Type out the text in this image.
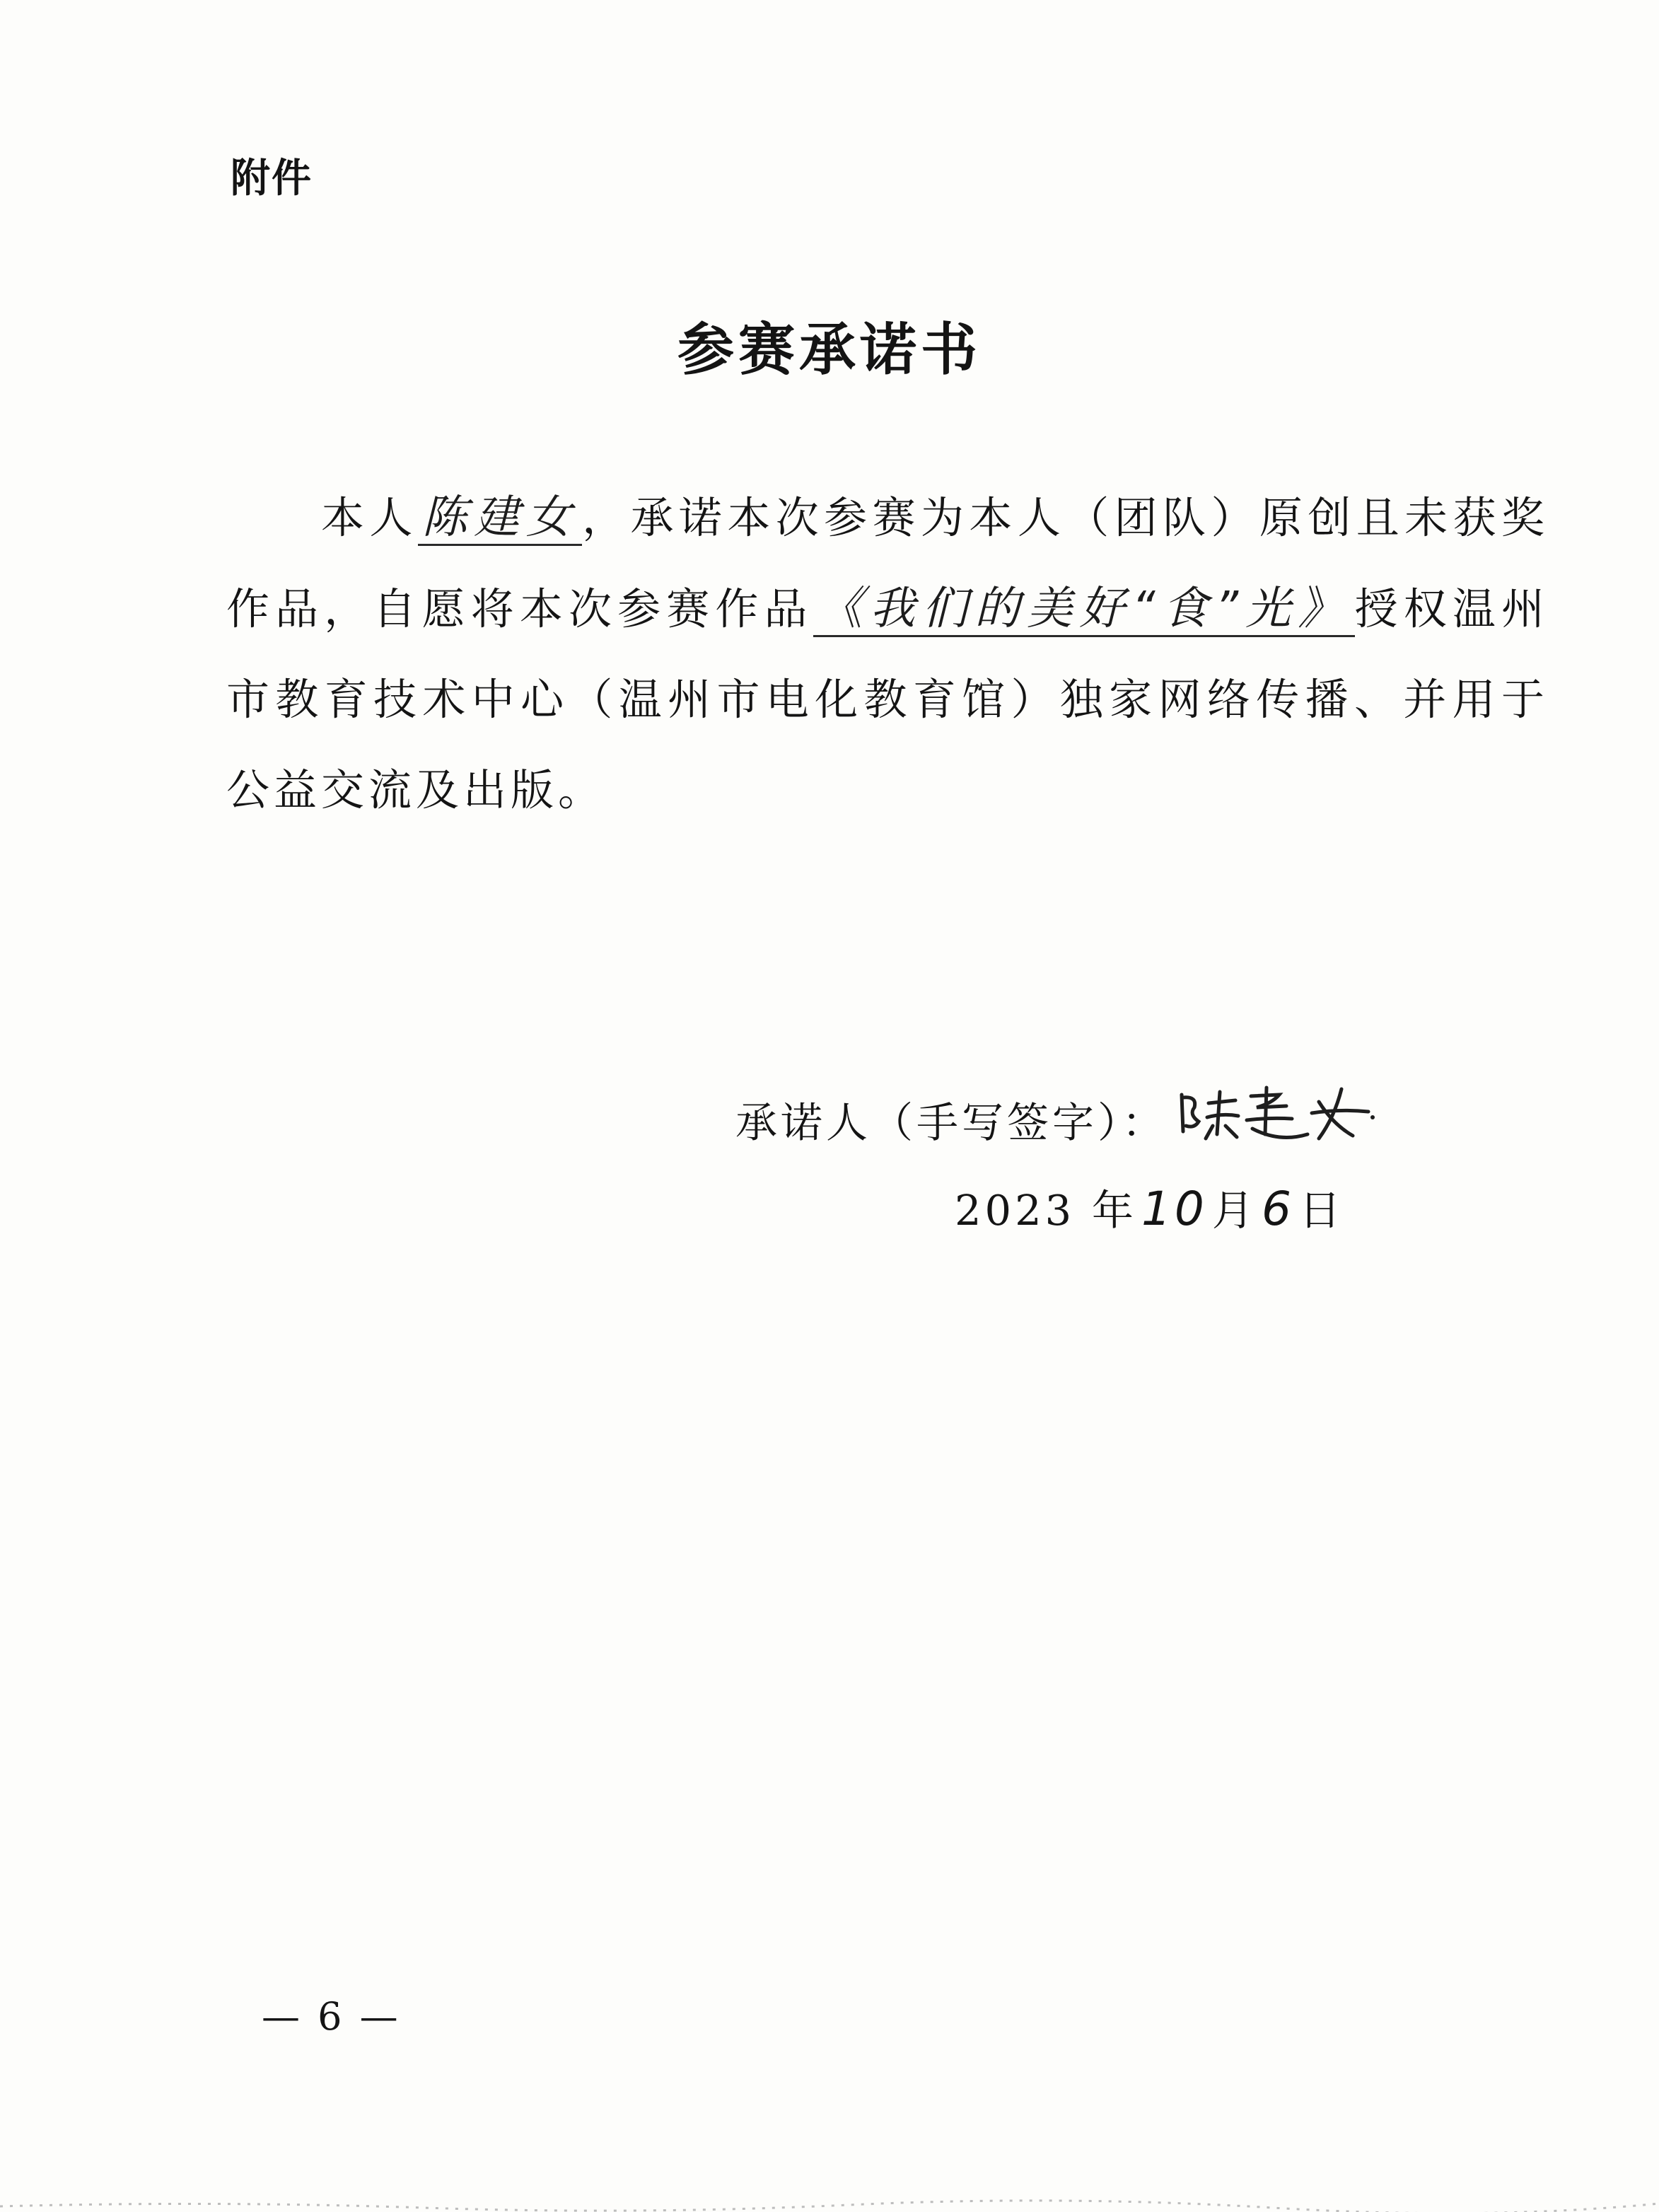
附件
参赛承诺书

本人陈建女，承诺本次参赛为本人（团队）原创且未获奖作品，自愿将本次参赛作品《我们的美好“食”光》授权温州市教育技术中心（温州市电化教育馆）独家网络传播、并用于公益交流及出版。

承诺人（手写签字）：
2023 年10 月6 日
— 6 —
